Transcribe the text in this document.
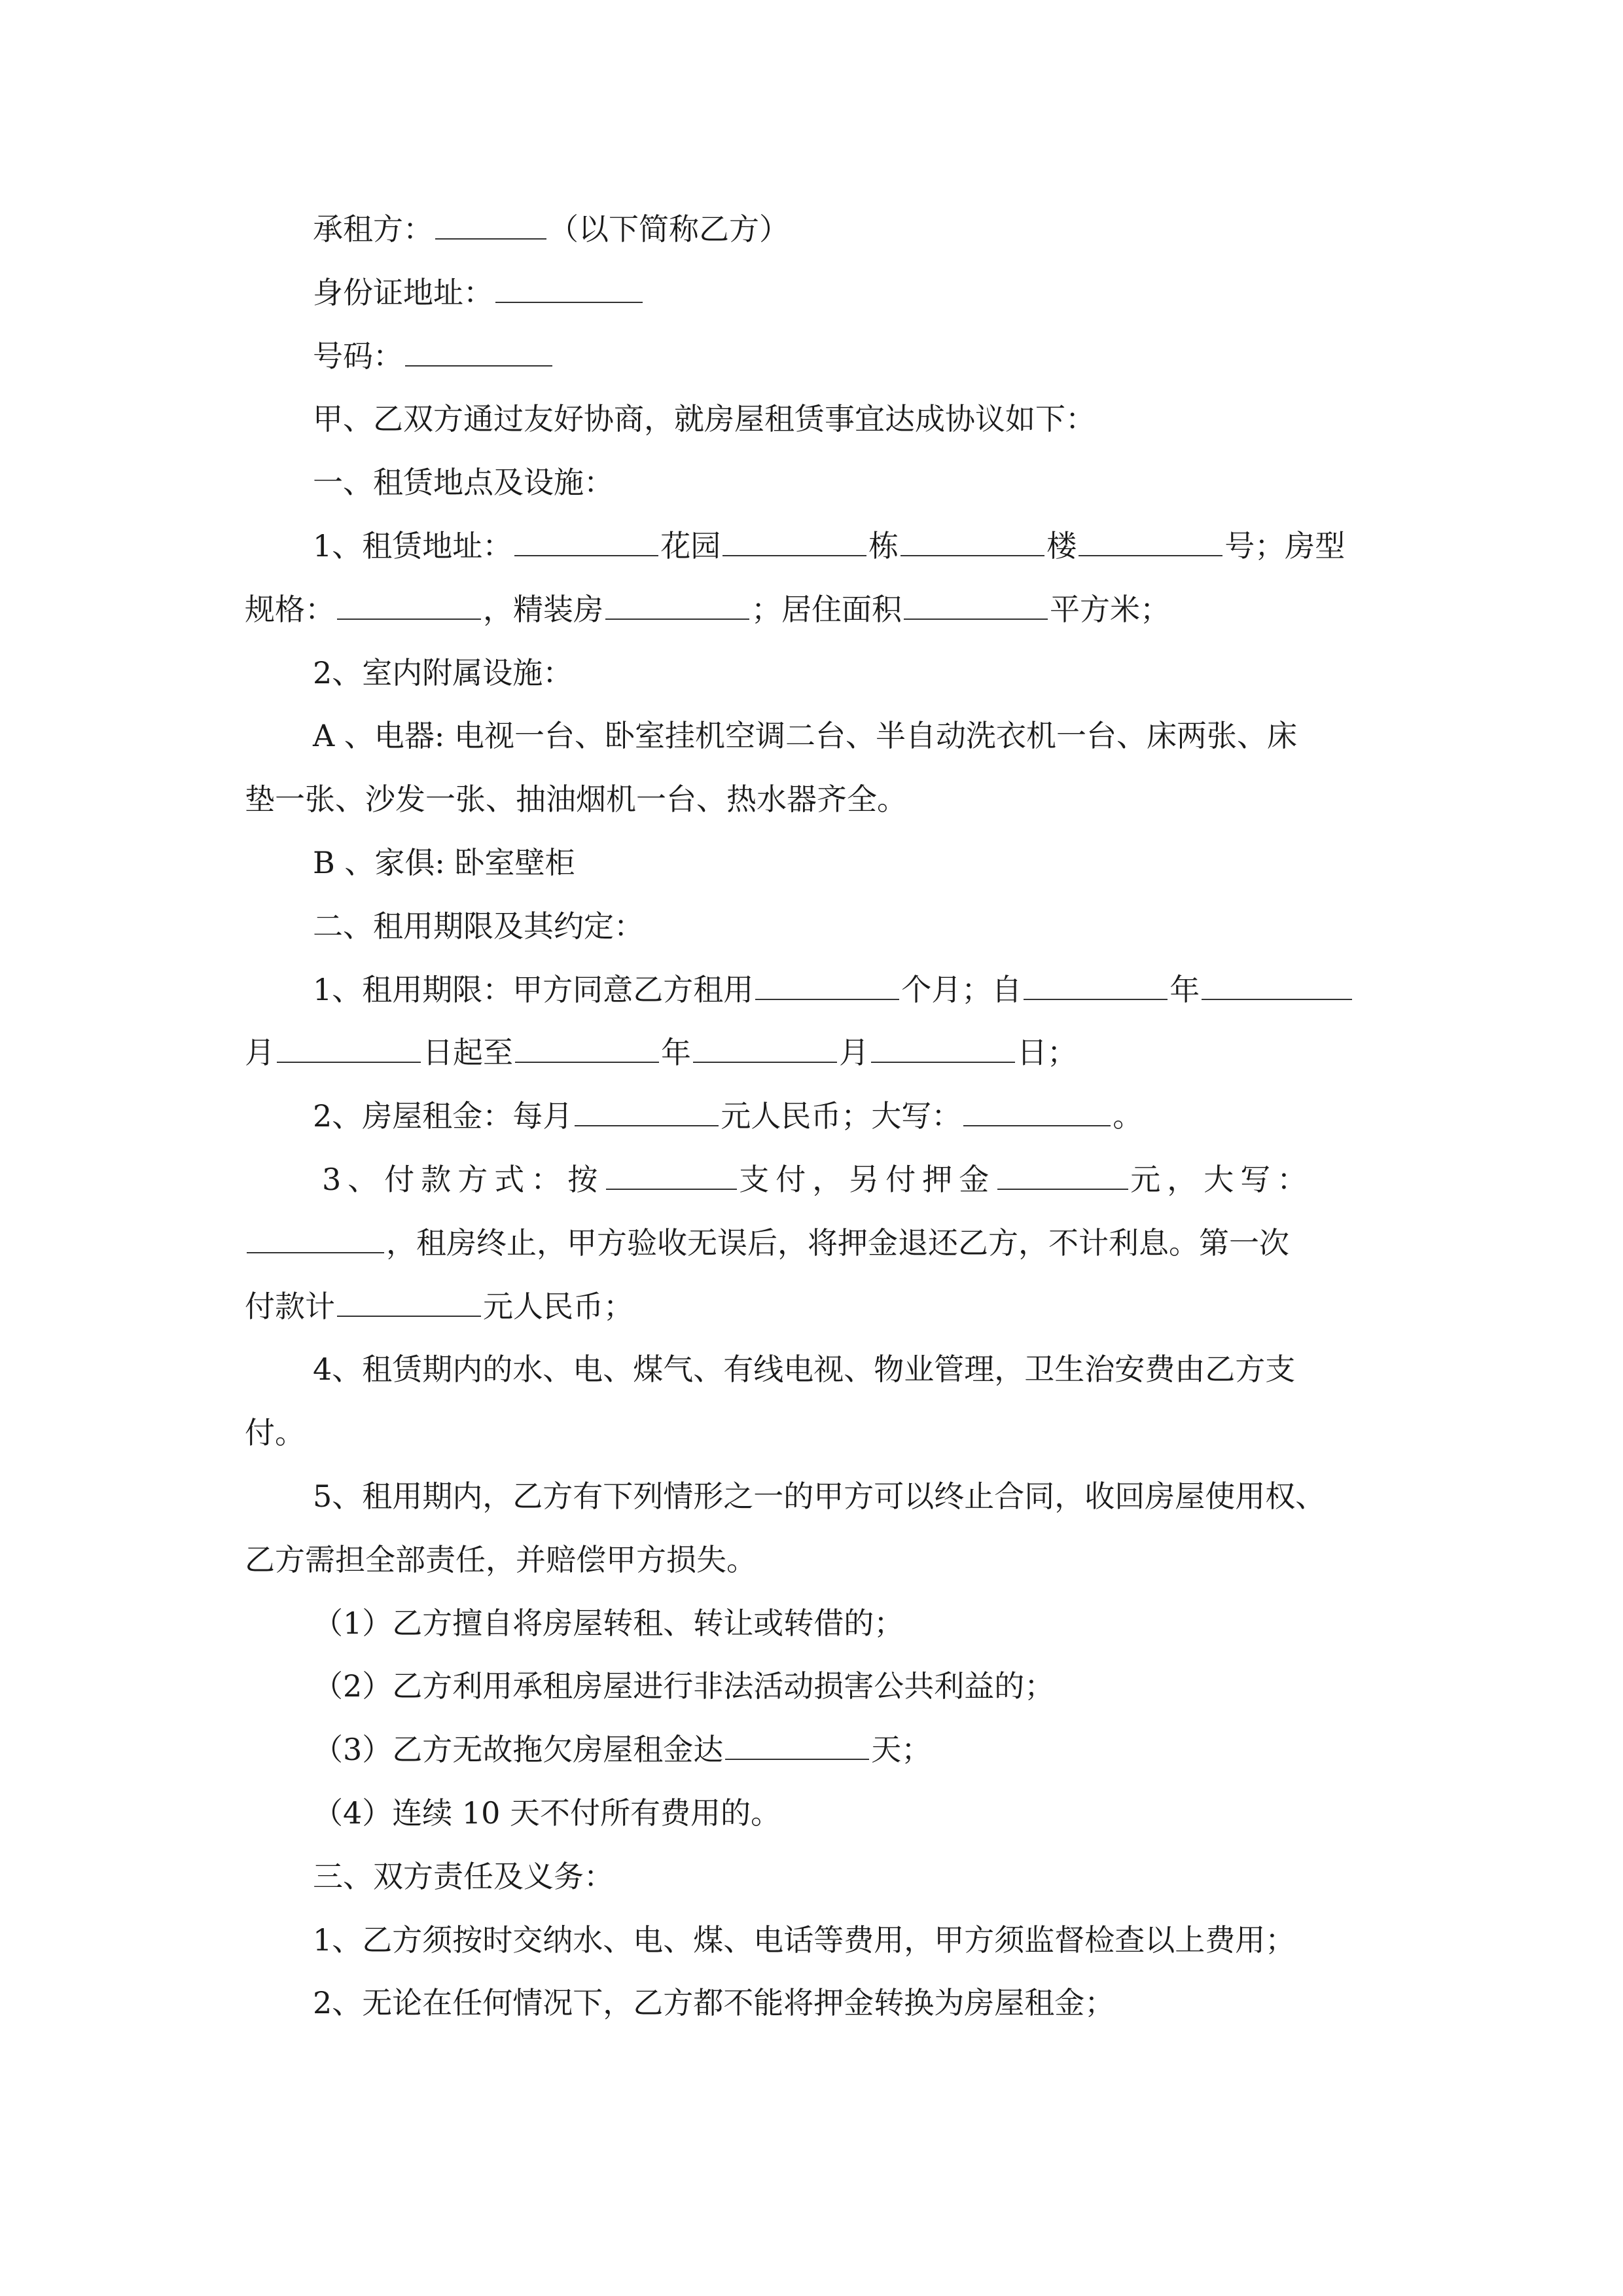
承租方：	（以下简称乙方）
身份证地址：
号码：
甲、乙双方通过友好协商，就房屋租赁事宜达成协议如下：
一、租赁地点及设施：
1、租赁地址：	花园	栋	楼	号；房型
规格：	，精装房	；居住面积	平方米；
2、室内附属设施：
A 、电器: 电视一台、卧室挂机空调二台、半自动洗衣机一台、床两张、床
垫一张、沙发一张、抽油烟机一台、热水器齐全。
B 、家俱: 卧室壁柜
二、租用期限及其约定：
1、租用期限：甲方同意乙方租用	个月；自	年
月	日起至	年	月	日；
2、房屋租金：每月	元人民币；大写：	。
3、付款方式：按	支付，另付押金	元，大写：
，租房终止，甲方验收无误后，将押金退还乙方，不计利息。第一次
付款计	元人民币；
4、租赁期内的水、电、煤气、有线电视、物业管理，卫生治安费由乙方支
付。
5、租用期内，乙方有下列情形之一的甲方可以终止合同，收回房屋使用权、
乙方需担全部责任，并赔偿甲方损失。
（1）乙方擅自将房屋转租、转让或转借的；
（2）乙方利用承租房屋进行非法活动损害公共利益的；
（3）乙方无故拖欠房屋租金达	天；
（4）连续 10 天不付所有费用的。
三、双方责任及义务：
1、乙方须按时交纳水、电、煤、电话等费用，甲方须监督检查以上费用；
2、无论在任何情况下，乙方都不能将押金转换为房屋租金；
